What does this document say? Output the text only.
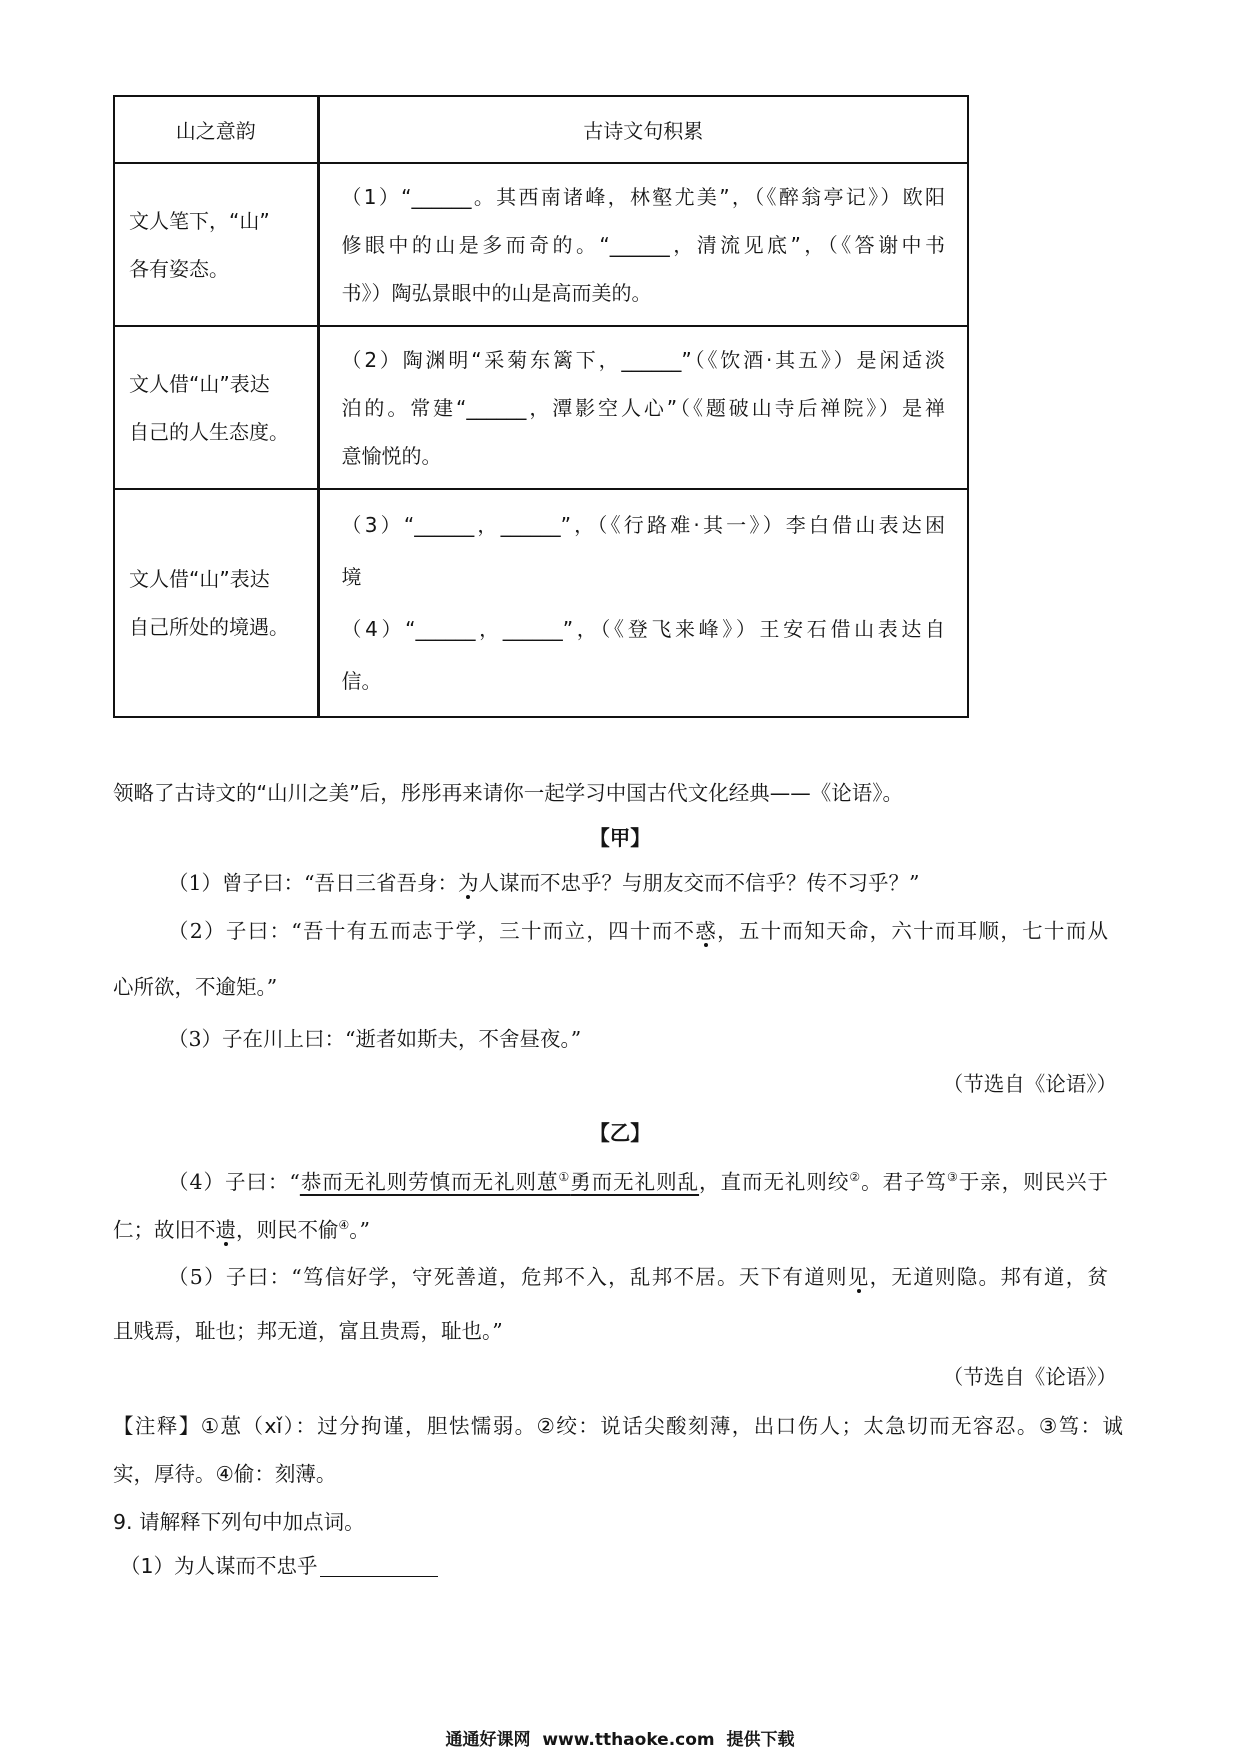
山之意韵	古诗文句积累

文人笔下，“山”
各有姿态。	（1）“______。其西南诸峰，林壑尤美”，（《醉翁亭记》）欧阳
修眼中的山是多而奇的。“______，清流见底”，（《答谢中书
书》）陶弘景眼中的山是高而美的。

文人借“山”表达
自己的人生态度。	（2）陶渊明“采菊东篱下，______”（《饮酒·其五》）是闲适淡
泊的。常建“______，潭影空人心”（《题破山寺后禅院》）是禅
意愉悦的。

文人借“山”表达
自己所处的境遇。	（3）“______，______”，（《行路难·其一》）李白借山表达困
境
（4）“______，______”，（《登飞来峰》）王安石借山表达自
信。
领略了古诗文的“山川之美”后，彤彤再来请你一起学习中国古代文化经典——《论语》。
【甲】
（1）曾子曰：“吾日三省吾身：为人谋而不忠乎？与朋友交而不信乎？传不习乎？”
（2）子曰：“吾十有五而志于学，三十而立，四十而不惑，五十而知天命，六十而耳顺，七十而从
心所欲，不逾矩。”
（3）子在川上曰：“逝者如斯夫，不舍昼夜。”
（节选自《论语》）
【乙】
（4）子曰：“恭而无礼则劳慎而无礼则葸①勇而无礼则乱，直而无礼则绞②。君子笃③于亲，则民兴于
仁；故旧不遗，则民不偷④。”
（5）子曰：“笃信好学，守死善道，危邦不入，乱邦不居。天下有道则见，无道则隐。邦有道，贫
且贱焉，耻也；邦无道，富且贵焉，耻也。”
（节选自《论语》）
【注释】①葸（xǐ）：过分拘谨，胆怯懦弱。②绞：说话尖酸刻薄，出口伤人；太急切而无容忍。③笃：诚
实，厚待。④偷：刻薄。
9. 请解释下列句中加点词。
（1）为人谋而不忠乎
通通好课网  www.tthaoke.com  提供下载
